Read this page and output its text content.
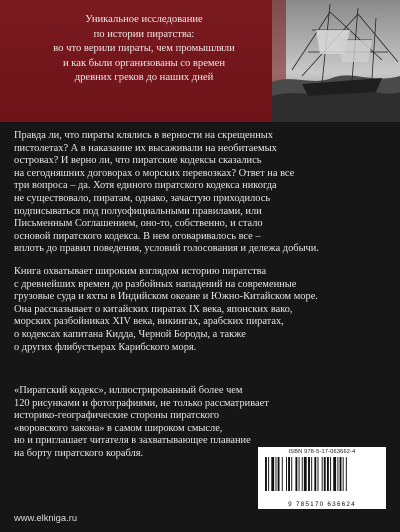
Уникальное исследование
по истории пиратства:
во что верили пираты, чем промышляли
и как были организованы со времен
древних греков до наших дней
Правда ли, что пираты клялись в верности на скрещенных
пистолетах? А в наказание их высаживали на необитаемых
островах? И верно ли, что пиратские кодексы сказались
на сегодняшних договорах о морских перевозках? Ответ на все
три вопроса – да. Хотя единого пиратского кодекса никогда
не существовало, пиратам, однако, зачастую приходилось
подписываться под полуофициальными правилами, или
Письменным Соглашением, оно-то, собственно, и стало
основой пиратского кодекса. В нем оговаривалось все –
вплоть до правил поведения, условий голосования и дележа добычи.
Книга охватывает широким взглядом историю пиратства
с древнейших времен до разбойных нападений на современные
грузовые суда и яхты в Индийском океане и Южно-Китайском море.
Она рассказывает о китайских пиратах IX века, японских вако,
морских разбойниках XIV века, викингах, арабских пиратах,
о кодексах капитана Кидда, Черной Бороды, а также
о других флибустьерах Карибского моря.
«Пиратский кодекс», иллюстрированный более чем
120 рисунками и фотографиями, не только рассматривает
историко-географические стороны пиратского
«воровского закона» в самом широком смысле,
но и приглашает читателя в захватывающее плавание
на борту пиратского корабля.	ISBN 978-5-17-063662-4
9 785170 636624
www.elkniga.ru
